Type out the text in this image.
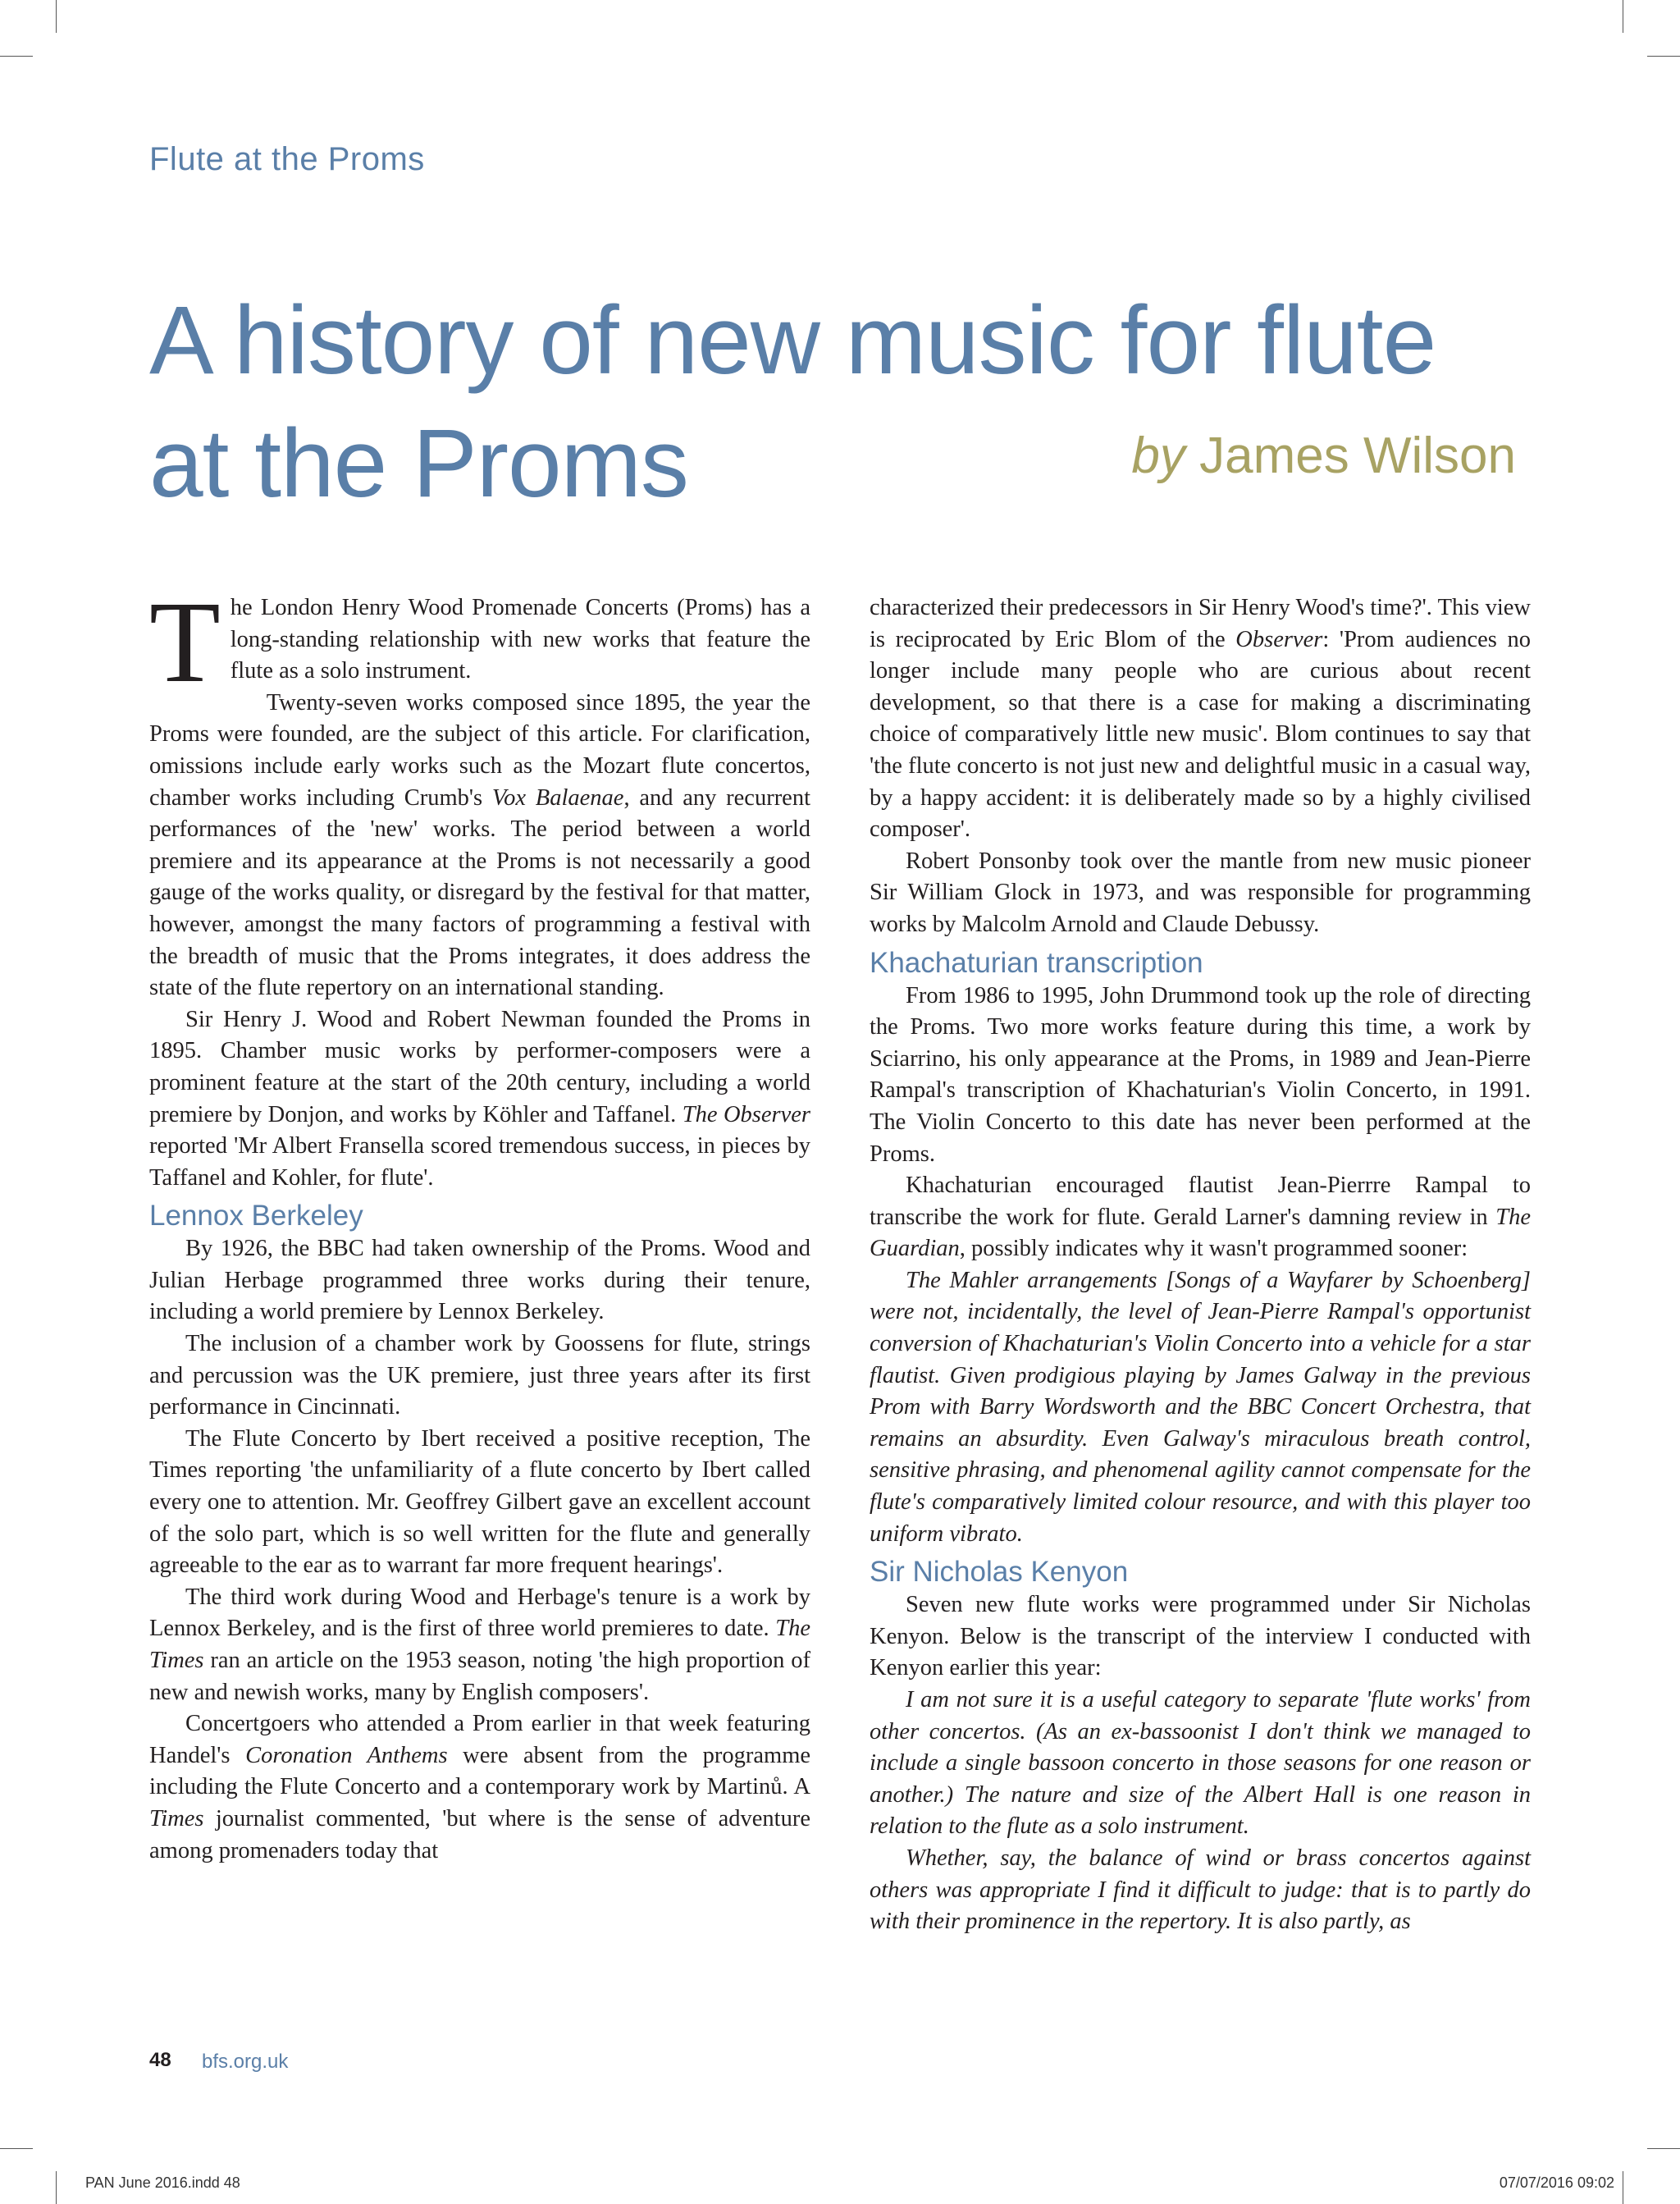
Flute at the Proms
A history of new music for flute
at the Proms	by James Wilson

The London Henry Wood Promenade Concerts (Proms) has a long-standing relationship with new works that feature the flute as a solo instrument.

Twenty-seven works composed since 1895, the year the Proms were founded, are the subject of this article. For clarification, omissions include early works such as the Mozart flute concertos, chamber works including Crumb's Vox Balaenae, and any recurrent performances of the 'new' works. The period between a world premiere and its appearance at the Proms is not necessarily a good gauge of the works quality, or disregard by the festival for that matter, however, amongst the many factors of programming a festival with the breadth of music that the Proms integrates, it does address the state of the flute repertory on an international standing.

Sir Henry J. Wood and Robert Newman founded the Proms in 1895. Chamber music works by performer-composers were a prominent feature at the start of the 20th century, including a world premiere by Donjon, and works by Köhler and Taffanel. The Observer reported 'Mr Albert Fransella scored tremendous success, in pieces by Taffanel and Kohler, for flute'.

Lennox Berkeley

By 1926, the BBC had taken ownership of the Proms. Wood and Julian Herbage programmed three works during their tenure, including a world premiere by Lennox Berkeley.

The inclusion of a chamber work by Goossens for flute, strings and percussion was the UK premiere, just three years after its first performance in Cincinnati.

The Flute Concerto by Ibert received a positive reception, The Times reporting 'the unfamiliarity of a flute concerto by Ibert called every one to attention. Mr. Geoffrey Gilbert gave an excellent account of the solo part, which is so well written for the flute and generally agreeable to the ear as to warrant far more frequent hearings'.

The third work during Wood and Herbage's tenure is a work by Lennox Berkeley, and is the first of three world premieres to date. The Times ran an article on the 1953 season, noting 'the high proportion of new and newish works, many by English composers'.

Concertgoers who attended a Prom earlier in that week featuring Handel's Coronation Anthems were absent from the programme including the Flute Concerto and a contemporary work by Martinů. A Times journalist commented, 'but where is the sense of adventure among promenaders today that

characterized their predecessors in Sir Henry Wood's time?'. This view is reciprocated by Eric Blom of the Observer: 'Prom audiences no longer include many people who are curious about recent development, so that there is a case for making a discriminating choice of comparatively little new music'. Blom continues to say that 'the flute concerto is not just new and delightful music in a casual way, by a happy accident: it is deliberately made so by a highly civilised composer'.

Robert Ponsonby took over the mantle from new music pioneer Sir William Glock in 1973, and was responsible for programming works by Malcolm Arnold and Claude Debussy.

Khachaturian transcription

From 1986 to 1995, John Drummond took up the role of directing the Proms. Two more works feature during this time, a work by Sciarrino, his only appearance at the Proms, in 1989 and Jean-Pierre Rampal's transcription of Khachaturian's Violin Concerto, in 1991. The Violin Concerto to this date has never been performed at the Proms.

Khachaturian encouraged flautist Jean-Pierrre Rampal to transcribe the work for flute. Gerald Larner's damning review in The Guardian, possibly indicates why it wasn't programmed sooner:

The Mahler arrangements [Songs of a Wayfarer by Schoenberg] were not, incidentally, the level of Jean-Pierre Rampal's opportunist conversion of Khachaturian's Violin Concerto into a vehicle for a star flautist. Given prodigious playing by James Galway in the previous Prom with Barry Wordsworth and the BBC Concert Orchestra, that remains an absurdity. Even Galway's miraculous breath control, sensitive phrasing, and phenomenal agility cannot compensate for the flute's comparatively limited colour resource, and with this player too uniform vibrato.

Sir Nicholas Kenyon

Seven new flute works were programmed under Sir Nicholas Kenyon. Below is the transcript of the interview I conducted with Kenyon earlier this year:

I am not sure it is a useful category to separate 'flute works' from other concertos. (As an ex-bassoonist I don't think we managed to include a single bassoon concerto in those seasons for one reason or another.) The nature and size of the Albert Hall is one reason in relation to the flute as a solo instrument.

Whether, say, the balance of wind or brass concertos against others was appropriate I find it difficult to judge: that is to partly do with their prominence in the repertory. It is also partly, as

48 bfs.org.uk
PAN June 2016.indd 48	07/07/2016 09:02
